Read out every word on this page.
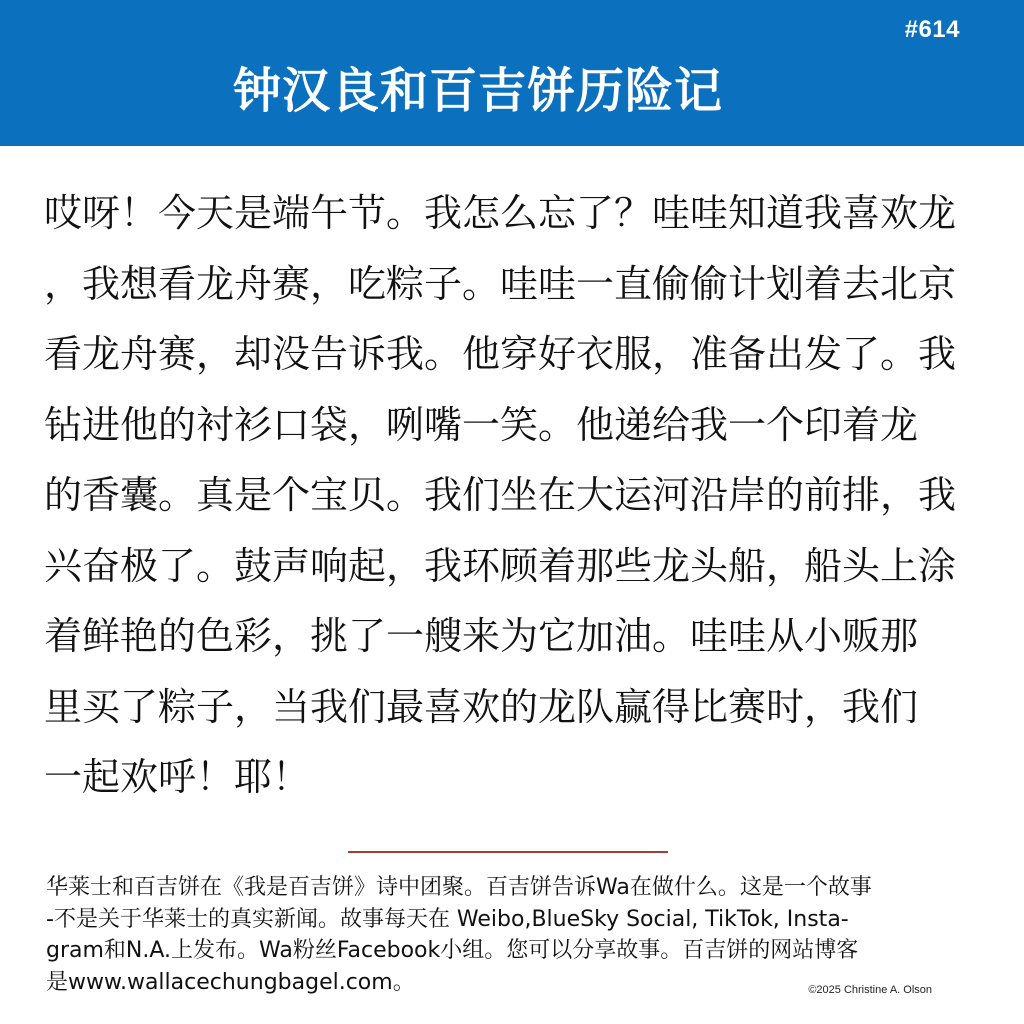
#614
钟汉良和百吉饼历险记
哎呀！今天是端午节。我怎么忘了？哇哇知道我喜欢龙
，我想看龙舟赛，吃粽子。哇哇一直偷偷计划着去北京
看龙舟赛，却没告诉我。他穿好衣服，准备出发了。我
钻进他的衬衫口袋，咧嘴一笑。他递给我一个印着龙
的香囊。真是个宝贝。我们坐在大运河沿岸的前排，我
兴奋极了。鼓声响起，我环顾着那些龙头船，船头上涂
着鲜艳的色彩，挑了一艘来为它加油。哇哇从小贩那
里买了粽子，当我们最喜欢的龙队赢得比赛时，我们
一起欢呼！耶！
华莱士和百吉饼在《我是百吉饼》诗中团聚。百吉饼告诉Wa在做什么。这是一个故事
-不是关于华莱士的真实新闻。故事每天在 Weibo,BlueSky Social, TikTok, Insta-
gram和N.A.上发布。Wa粉丝Facebook小组。您可以分享故事。百吉饼的网站博客
是www.wallacechungbagel.com。	©2025 Christine A. Olson
